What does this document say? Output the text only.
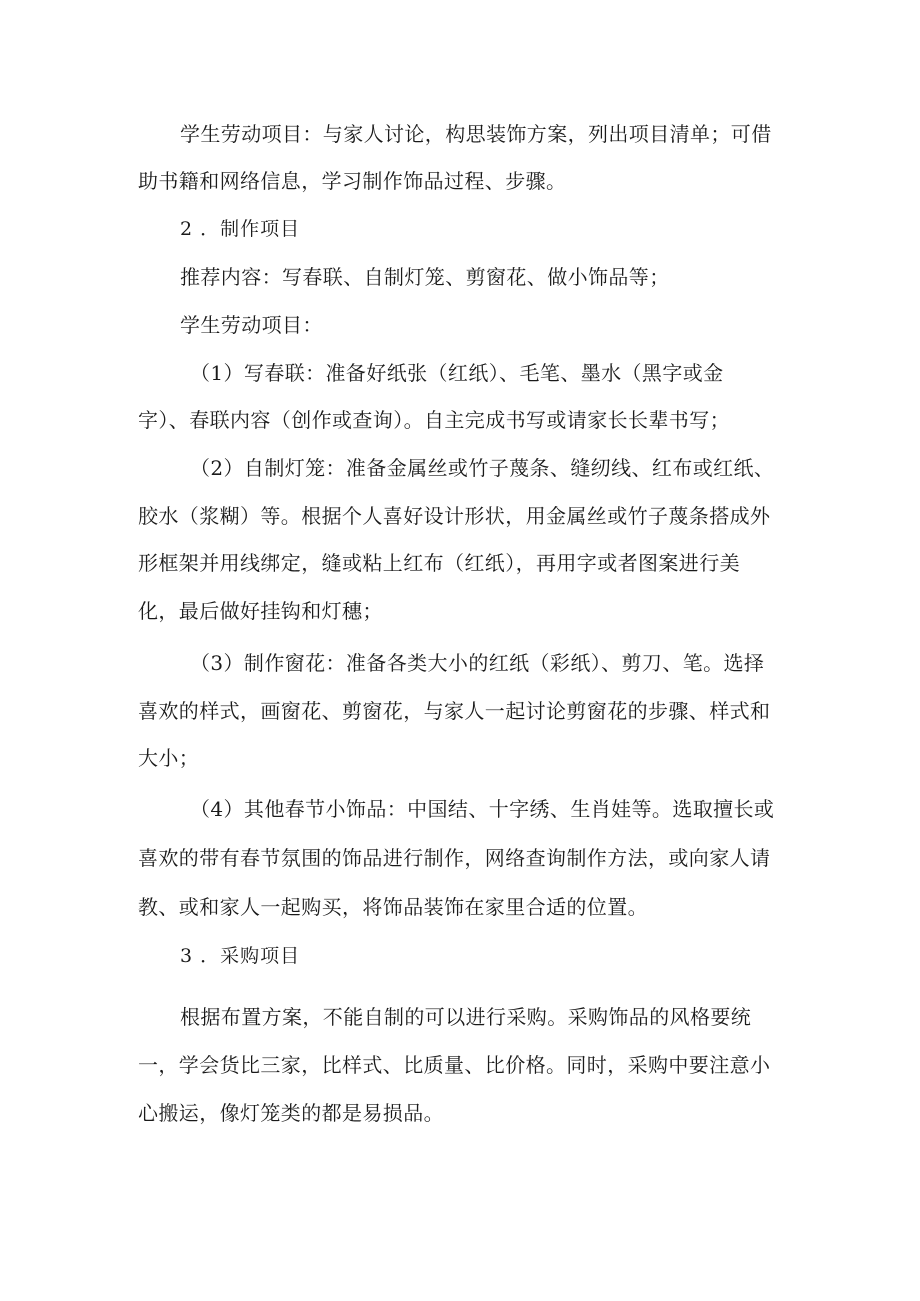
学生劳动项目：与家人讨论，构思装饰方案，列出项目清单；可借
助书籍和网络信息，学习制作饰品过程、步骤。
2 ．制作项目
推荐内容：写春联、自制灯笼、剪窗花、做小饰品等；
学生劳动项目：
（1）写春联：准备好纸张（红纸）、毛笔、墨水（黑字或金
字）、春联内容（创作或查询）。自主完成书写或请家长长辈书写；
（2）自制灯笼：准备金属丝或竹子蔑条、缝纫线、红布或红纸、
胶水（浆糊）等。根据个人喜好设计形状，用金属丝或竹子蔑条搭成外
形框架并用线绑定，缝或粘上红布（红纸），再用字或者图案进行美
化，最后做好挂钩和灯穗；
（3）制作窗花：准备各类大小的红纸（彩纸）、剪刀、笔。选择
喜欢的样式，画窗花、剪窗花，与家人一起讨论剪窗花的步骤、样式和
大小；
（4）其他春节小饰品：中国结、十字绣、生肖娃等。选取擅长或
喜欢的带有春节氛围的饰品进行制作，网络查询制作方法，或向家人请
教、或和家人一起购买，将饰品装饰在家里合适的位置。
3 ．采购项目
根据布置方案，不能自制的可以进行采购。采购饰品的风格要统
一，学会货比三家，比样式、比质量、比价格。同时，采购中要注意小
心搬运，像灯笼类的都是易损品。
